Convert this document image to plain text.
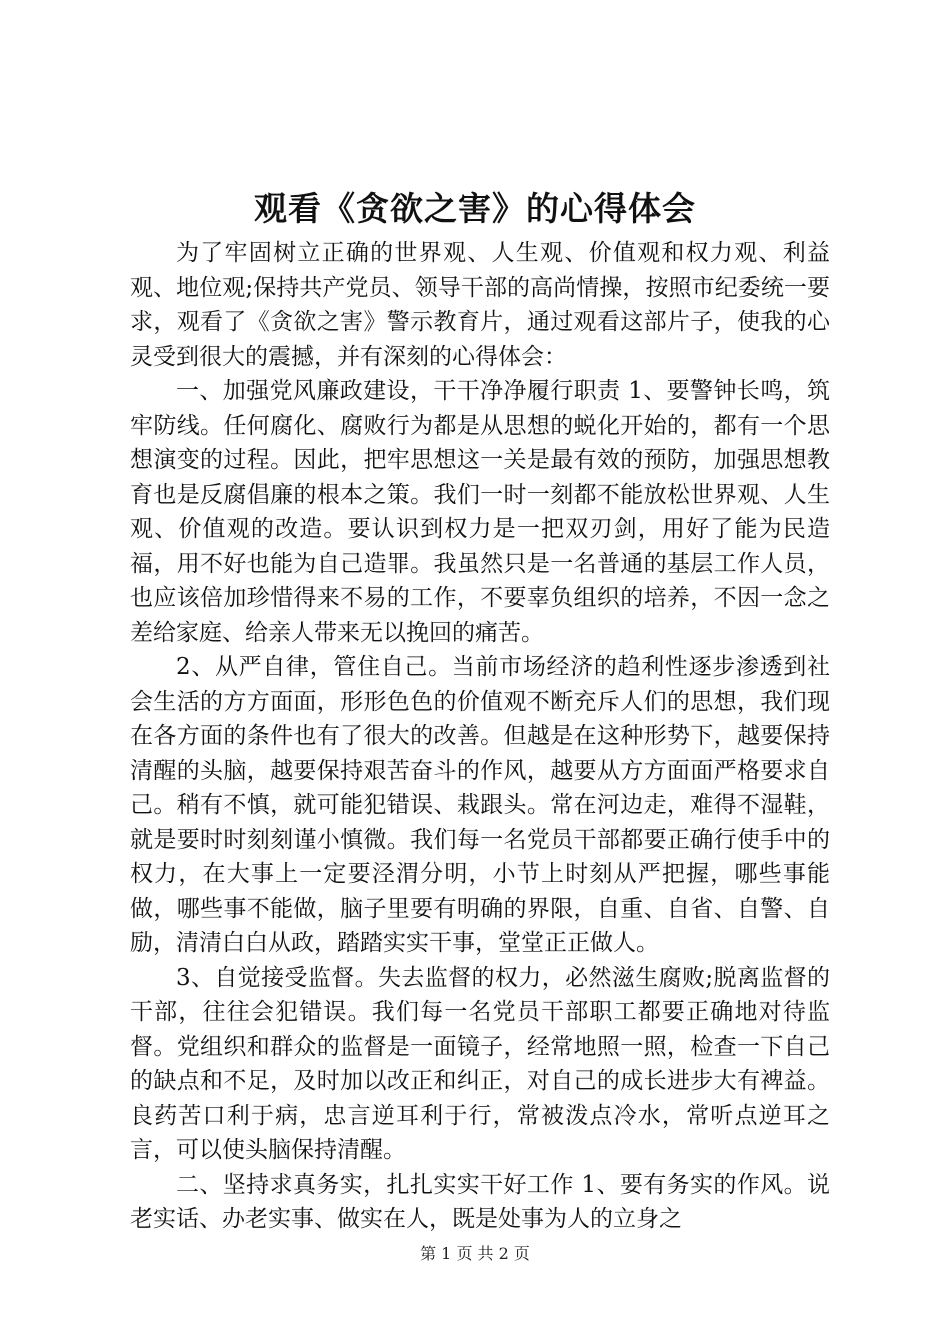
观看《贪欲之害》的心得体会

为了牢固树立正确的世界观、人生观、价值观和权力观、利益观、地位观;保持共产党员、领导干部的高尚情操，按照市纪委统一要求，观看了《贪欲之害》警示教育片，通过观看这部片子，使我的心灵受到很大的震撼，并有深刻的心得体会：

一、加强党风廉政建设，干干净净履行职责 1、要警钟长鸣，筑牢防线。任何腐化、腐败行为都是从思想的蜕化开始的，都有一个思想演变的过程。因此，把牢思想这一关是最有效的预防，加强思想教育也是反腐倡廉的根本之策。我们一时一刻都不能放松世界观、人生观、价值观的改造。要认识到权力是一把双刃剑，用好了能为民造福，用不好也能为自己造罪。我虽然只是一名普通的基层工作人员，也应该倍加珍惜得来不易的工作，不要辜负组织的培养，不因一念之差给家庭、给亲人带来无以挽回的痛苦。

2、从严自律，管住自己。当前市场经济的趋利性逐步渗透到社会生活的方方面面，形形色色的价值观不断充斥人们的思想，我们现在各方面的条件也有了很大的改善。但越是在这种形势下，越要保持清醒的头脑，越要保持艰苦奋斗的作风，越要从方方面面严格要求自己。稍有不慎，就可能犯错误、栽跟头。常在河边走，难得不湿鞋，就是要时时刻刻谨小慎微。我们每一名党员干部都要正确行使手中的权力，在大事上一定要泾渭分明，小节上时刻从严把握，哪些事能做，哪些事不能做，脑子里要有明确的界限，自重、自省、自警、自励，清清白白从政，踏踏实实干事，堂堂正正做人。

3、自觉接受监督。失去监督的权力，必然滋生腐败;脱离监督的干部，往往会犯错误。我们每一名党员干部职工都要正确地对待监督。党组织和群众的监督是一面镜子，经常地照一照，检查一下自己的缺点和不足，及时加以改正和纠正，对自己的成长进步大有裨益。良药苦口利于病，忠言逆耳利于行，常被泼点冷水，常听点逆耳之言，可以使头脑保持清醒。

二、坚持求真务实，扎扎实实干好工作 1、要有务实的作风。说老实话、办老实事、做实在人，既是处事为人的立身之

第 1 页 共 2 页
